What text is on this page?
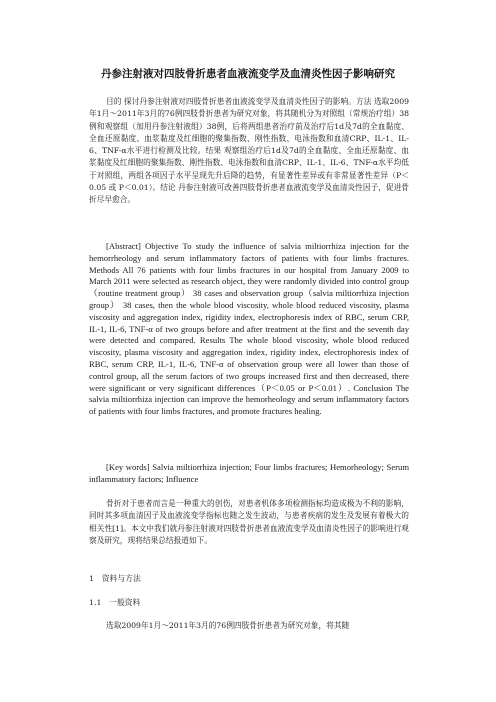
丹参注射液对四肢骨折患者血液流变学及血清炎性因子影响研究
目的 探讨丹参注射液对四肢骨折患者血液流变学及血清炎性因子的影响。方法 选取2009年1月～2011年3月的76例四肢骨折患者为研究对象，将其随机分为对照组（常规治疗组）38例和观察组（加用丹参注射液组）38例，后将两组患者治疗前及治疗后1d及7d的全血黏度、全血还原黏度、血浆黏度及红细胞的聚集指数、刚性指数、电泳指数和血清CRP、IL-1、IL-6、TNF-α水平进行检测及比较。结果 观察组治疗后1d及7d的全血黏度、全血还原黏度、血浆黏度及红细胞的聚集指数、刚性指数、电泳指数和血清CRP、IL-1、IL-6、TNF-α水平均低于对照组，两组各项因子水平呈现先升后降的趋势，有显著性差异或有非常显著性差异（P＜0.05 或 P＜0.01）。结论 丹参注射液可改善四肢骨折患者血液流变学及血清炎性因子，促进骨折尽早愈合。
[Abstract] Objective To study the influence of salvia miltiorrhiza injection for the hemorrheology and serum inflammatory factors of patients with four limbs fractures. Methods All 76 patients with four limbs fractures in our hospital from January 2009 to March 2011 were selected as research object, they were randomly divided into control group（routine treatment group） 38 cases and observation group（salvia miltiorrhiza injection group） 38 cases, then the whole blood viscosity, whole blood reduced viscosity, plasma viscosity and aggregation index, rigidity index, electrophoresis index of RBC, serum CRP, IL-1, IL-6, TNF-α of two groups before and after treatment at the first and the seventh day were detected and compared. Results The whole blood viscosity, whole blood reduced viscosity, plasma viscosity and aggregation index, rigidity index, electrophoresis index of RBC, serum CRP, IL-1, IL-6, TNF-α of observation group were all lower than those of control group, all the serum factors of two groups increased first and then decreased, there were significant or very significant differences（P＜0.05 or P＜0.01）. Conclusion The salvia miltiorrhiza injection can improve the hemorheology and serum inflammatory factors of patients with four limbs fractures, and promote fractures healing.
[Key words] Salvia miltiorrhiza injection; Four limbs fractures; Hemorheology; Serum inflammatory factors; Influence
骨折对于患者而言是一种重大的创伤，对患者机体多项检测指标均造成极为不利的影响，同时其多项血清因子及血液流变学指标也随之发生波动，与患者疾病的发生及发展有着极大的相关性[1]。本文中我们就丹参注射液对四肢骨折患者血液流变学及血清炎性因子的影响进行观察及研究，现将结果总结报道如下。
1　资料与方法
1.1　一般资料
选取2009年1月～2011年3月的76例四肢骨折患者为研究对象，将其随
